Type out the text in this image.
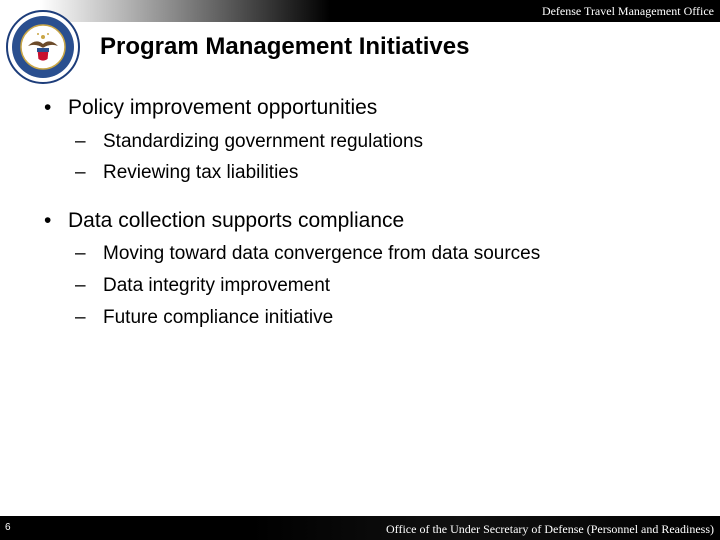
Defense Travel Management Office
Program Management Initiatives
• Policy improvement opportunities
– Standardizing government regulations
– Reviewing tax liabilities
• Data collection supports compliance
– Moving toward data convergence from data sources
– Data integrity improvement
– Future compliance initiative
6	Office of the Under Secretary of Defense (Personnel and Readiness)
